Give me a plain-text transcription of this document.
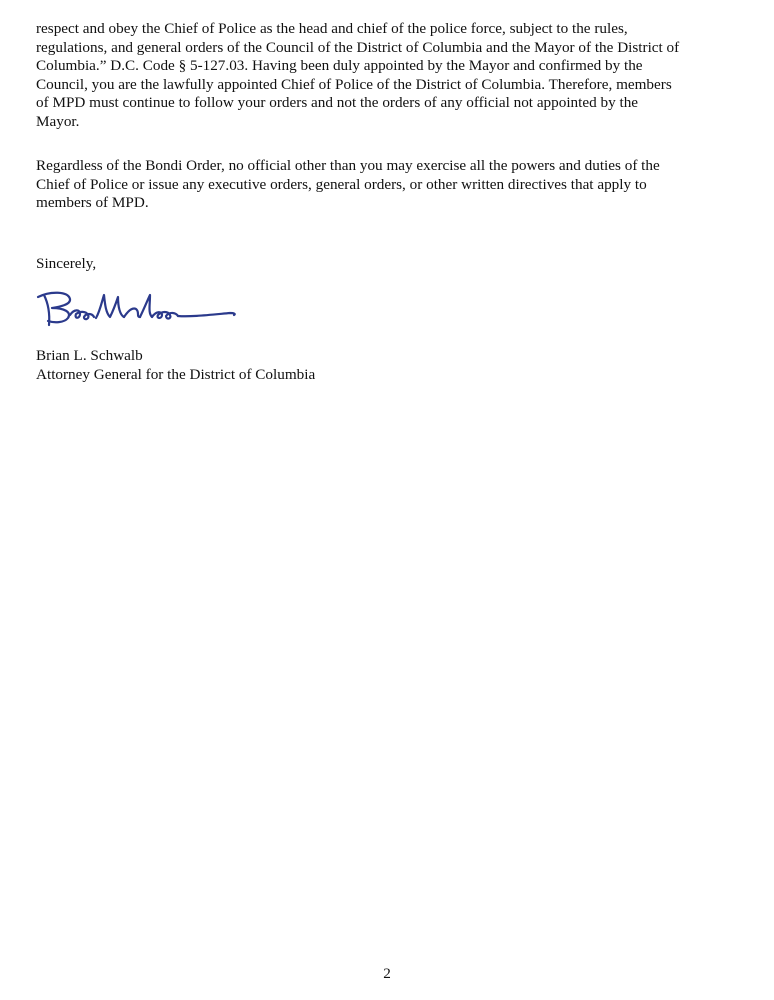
respect and obey the Chief of Police as the head and chief of the police force, subject to the rules,
regulations, and general orders of the Council of the District of Columbia and the Mayor of the District of
Columbia.” D.C. Code § 5-127.03. Having been duly appointed by the Mayor and confirmed by the
Council, you are the lawfully appointed Chief of Police of the District of Columbia. Therefore, members
of MPD must continue to follow your orders and not the orders of any official not appointed by the
Mayor.

Regardless of the Bondi Order, no official other than you may exercise all the powers and duties of the
Chief of Police or issue any executive orders, general orders, or other written directives that apply to
members of MPD.

Sincerely,

Brian L. Schwalb
Attorney General for the District of Columbia
2
